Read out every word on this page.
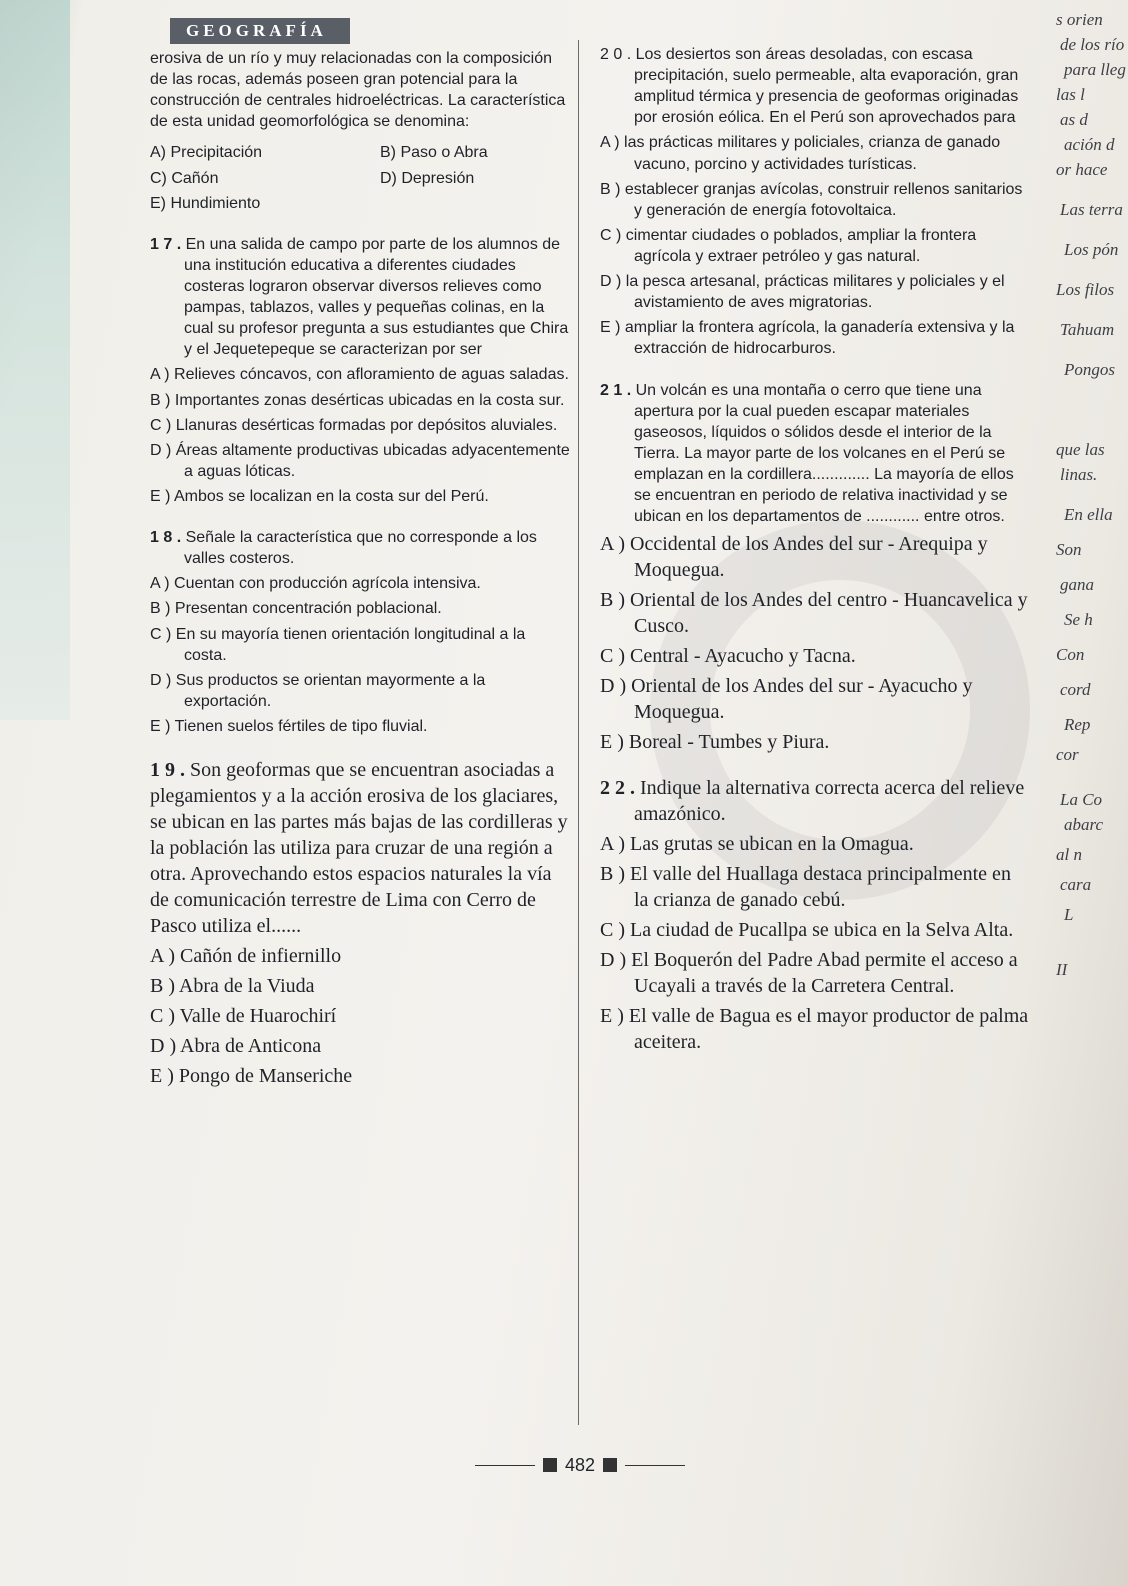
GEOGRAFÍA

erosiva de un río y muy relacionadas con la composición de las rocas, además poseen gran potencial para la construcción de centrales hidroeléctricas. La característica de esta unidad geomorfológica se denomina:

A) Precipitación	B) Paso o Abra
C) Cañón	D) Depresión
E) Hundimiento

1 7 . En una salida de campo por parte de los alumnos de una institución educativa a diferentes ciudades costeras lograron observar diversos relieves como pampas, tablazos, valles y pequeñas colinas, en la cual su profesor pregunta a sus estudiantes que Chira y el Jequetepeque se caracterizan por ser

A ) Relieves cóncavos, con afloramiento de aguas saladas.

B ) Importantes zonas desérticas ubicadas en la costa sur.

C ) Llanuras desérticas formadas por depósitos aluviales.

D ) Áreas altamente productivas ubicadas adyacentemente a aguas lóticas.

E ) Ambos se localizan en la costa sur del Perú.

1 8 . Señale la característica que no corresponde a los valles costeros.

A ) Cuentan con producción agrícola intensiva.

B ) Presentan concentración poblacional.

C ) En su mayoría tienen orientación longitudinal a la costa.

D ) Sus productos se orientan mayormente a la exportación.

E ) Tienen suelos fértiles de tipo fluvial.

1 9 . Son geoformas que se encuentran asociadas a plegamientos y a la acción erosiva de los glaciares, se ubican en las partes más bajas de las cordilleras y la población las utiliza para cruzar de una región a otra. Aprovechando estos espacios naturales la vía de comunicación terrestre de Lima con Cerro de Pasco utiliza el......

A ) Cañón de infiernillo

B ) Abra de la Viuda

C ) Valle de Huarochirí

D ) Abra de Anticona

E ) Pongo de Manseriche

2 0 . Los desiertos son áreas desoladas, con escasa precipitación, suelo permeable, alta evaporación, gran amplitud térmica y presencia de geoformas originadas por erosión eólica. En el Perú son aprovechados para

A ) las prácticas militares y policiales, crianza de ganado vacuno, porcino y actividades turísticas.

B ) establecer granjas avícolas, construir rellenos sanitarios y generación de energía fotovoltaica.

C ) cimentar ciudades o poblados, ampliar la frontera agrícola y extraer petróleo y gas natural.

D ) la pesca artesanal, prácticas militares y policiales y el avistamiento de aves migratorias.

E ) ampliar la frontera agrícola, la ganadería extensiva y la extracción de hidrocarburos.

2 1 . Un volcán es una montaña o cerro que tiene una apertura por la cual pueden escapar materiales gaseosos, líquidos o sólidos desde el interior de la Tierra. La mayor parte de los volcanes en el Perú se emplazan en la cordillera............. La mayoría de ellos se encuentran en periodo de relativa inactividad y se ubican en los departamentos de ............ entre otros.

A ) Occidental de los Andes del sur - Arequipa y Moquegua.

B ) Oriental de los Andes del centro - Huancavelica y Cusco.

C ) Central - Ayacucho y Tacna.

D ) Oriental de los Andes del sur - Ayacucho y Moquegua.

E ) Boreal - Tumbes y Piura.

2 2 . Indique la alternativa correcta acerca del relieve amazónico.

A ) Las grutas se ubican en la Omagua.

B ) El valle del Huallaga destaca principalmente en la crianza de ganado cebú.

C ) La ciudad de Pucallpa se ubica en la Selva Alta.

D ) El Boquerón del Padre Abad permite el acceso a Ucayali a través de la Carretera Central.

E ) El valle de Bagua es el mayor productor de palma aceitera.

s orien
de los río
para lleg
las l
as d
ación d
or hace
Las terra
Los pón
Los filos
Tahuam
Pongos
que las
linas.
En ella
Son
gana
Se h
Con
cord
Rep
cor
La Co
abarc
al n
cara
L
II
482
